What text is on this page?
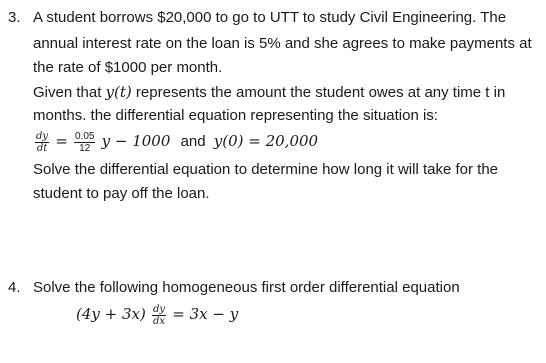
3. A student borrows $20,000 to go to UTT to study Civil Engineering. The
annual interest rate on the loan is 5% and she agrees to make payments at
the rate of $1000 per month.
Given that y(t) represents the amount the student owes at any time t in
months. the differential equation representing the situation is:
$\frac{dy}{dt} = \frac{0.05}{12}$ y − 1000 and y(0) = 20,000
Solve the differential equation to determine how long it will take for the
student to pay off the loan.
4. Solve the following homogeneous first order differential equation
$(4y + 3x) \frac{dy}{dx} = 3x - y$
